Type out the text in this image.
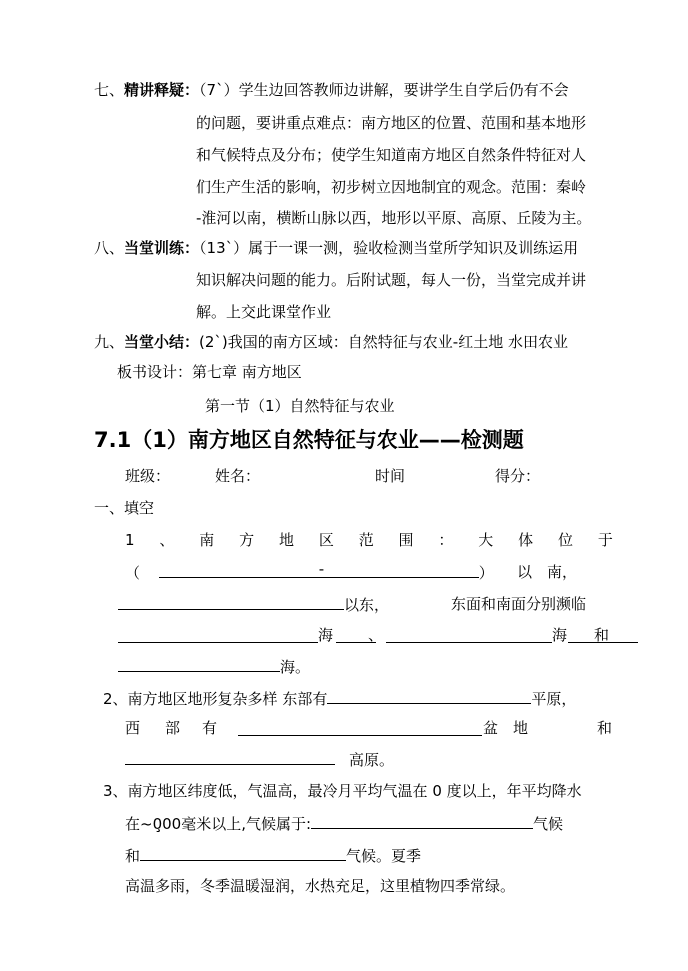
七、精讲释疑：（7`）学生边回答教师边讲解，要讲学生自学后仍有不会
的问题，要讲重点难点：南方地区的位置、范围和基本地形
和气候特点及分布；使学生知道南方地区自然条件特征对人
们生产生活的影响，初步树立因地制宜的观念。范围：秦岭
-淮河以南，横断山脉以西，地形以平原、高原、丘陵为主。
八、当堂训练：（13`）属于一课一测，验收检测当堂所学知识及训练运用
知识解决问题的能力。后附试题，每人一份，当堂完成并讲
解。上交此课堂作业
九、当堂小结：(2`)我国的南方区域：自然特征与农业-红土地 水田农业
板书设计：第七章 南方地区
第一节（1）自然特征与农业
7.1（1）南方地区自然特征与农业——检测题
班级：	姓名：	时间	得分：
一、填空
1 、 南 方 地 区 范 围 ： 大 体 位 于
（	-	） 以　南，
以东，	东面和南面分别濒临
海 、	海 和
海。
2、南方地区地形复杂多样 东部有	平原，
西 部 有	盆　地	和
高原。
3、南方地区纬度低，气温高，最冷月平均气温在 0 度以上，年平均降水
在~0̧̧00毫米以上,气候属于:	气候
和	气候。夏季
高温多雨，冬季温暖湿润，水热充足，这里植物四季常绿。
